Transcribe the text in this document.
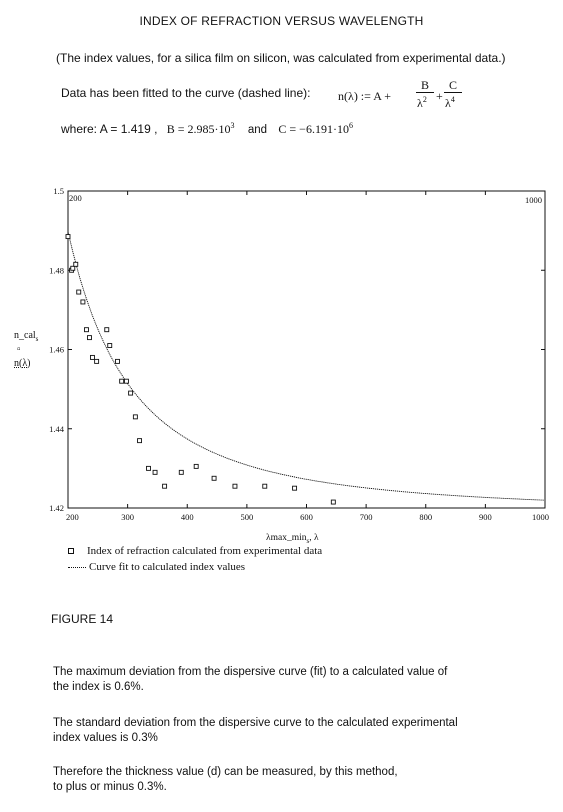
INDEX OF REFRACTION VERSUS WAVELENGTH
(The index values, for a silica film on silicon, was calculated from experimental data.)
Data has been fitted to the curve (dashed line): n(λ) := A +
B
$\lambda^2$ +
C
$\lambda^4$
where: A = 1.419 , $B = 2.985\cdot 10^3$ and $C = -6.191\cdot 10^6$
n_cal$_s$
▫
n(λ)
200	300	400	500	600	700	800	900	1000
1.42
1.44
1.46
1.48
1.5
200	1000
$\lambda\max\_\min_s$, λ
Index of refraction calculated from experimental data
Curve fit to calculated index values
FIGURE 14
The maximum deviation from the dispersive curve (fit) to a calculated value of
the index is 0.6%.
The standard deviation from the dispersive curve to the calculated experimental
index values is 0.3%
Therefore the thickness value (d) can be measured, by this method,
to plus or minus 0.3%.
